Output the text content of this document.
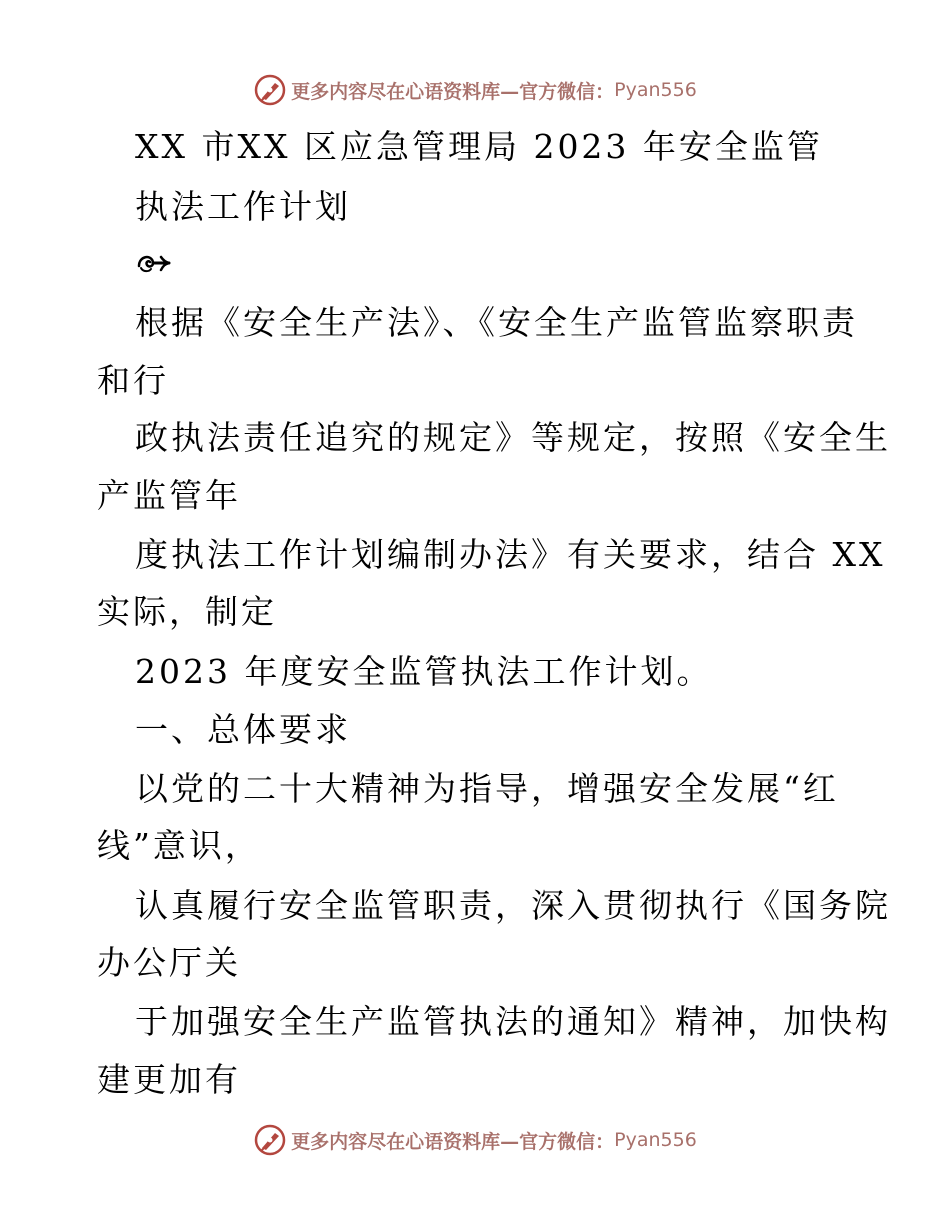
更多内容尽在心语资料库—官方微信： Pyan556
XX 市XX 区应急管理局 2023 年安全监管
执法工作计划
根据《安全生产法》、《安全生产监管监察职责
和行
政执法责任追究的规定》等规定，按照《安全生
产监管年
度执法工作计划编制办法》有关要求，结合 XX
实际，制定
2023 年度安全监管执法工作计划。
一、总体要求
以党的二十大精神为指导，增强安全发展“红
线”意识，
认真履行安全监管职责，深入贯彻执行《国务院
办公厅关
于加强安全生产监管执法的通知》精神，加快构
建更加有
更多内容尽在心语资料库—官方微信： Pyan556
